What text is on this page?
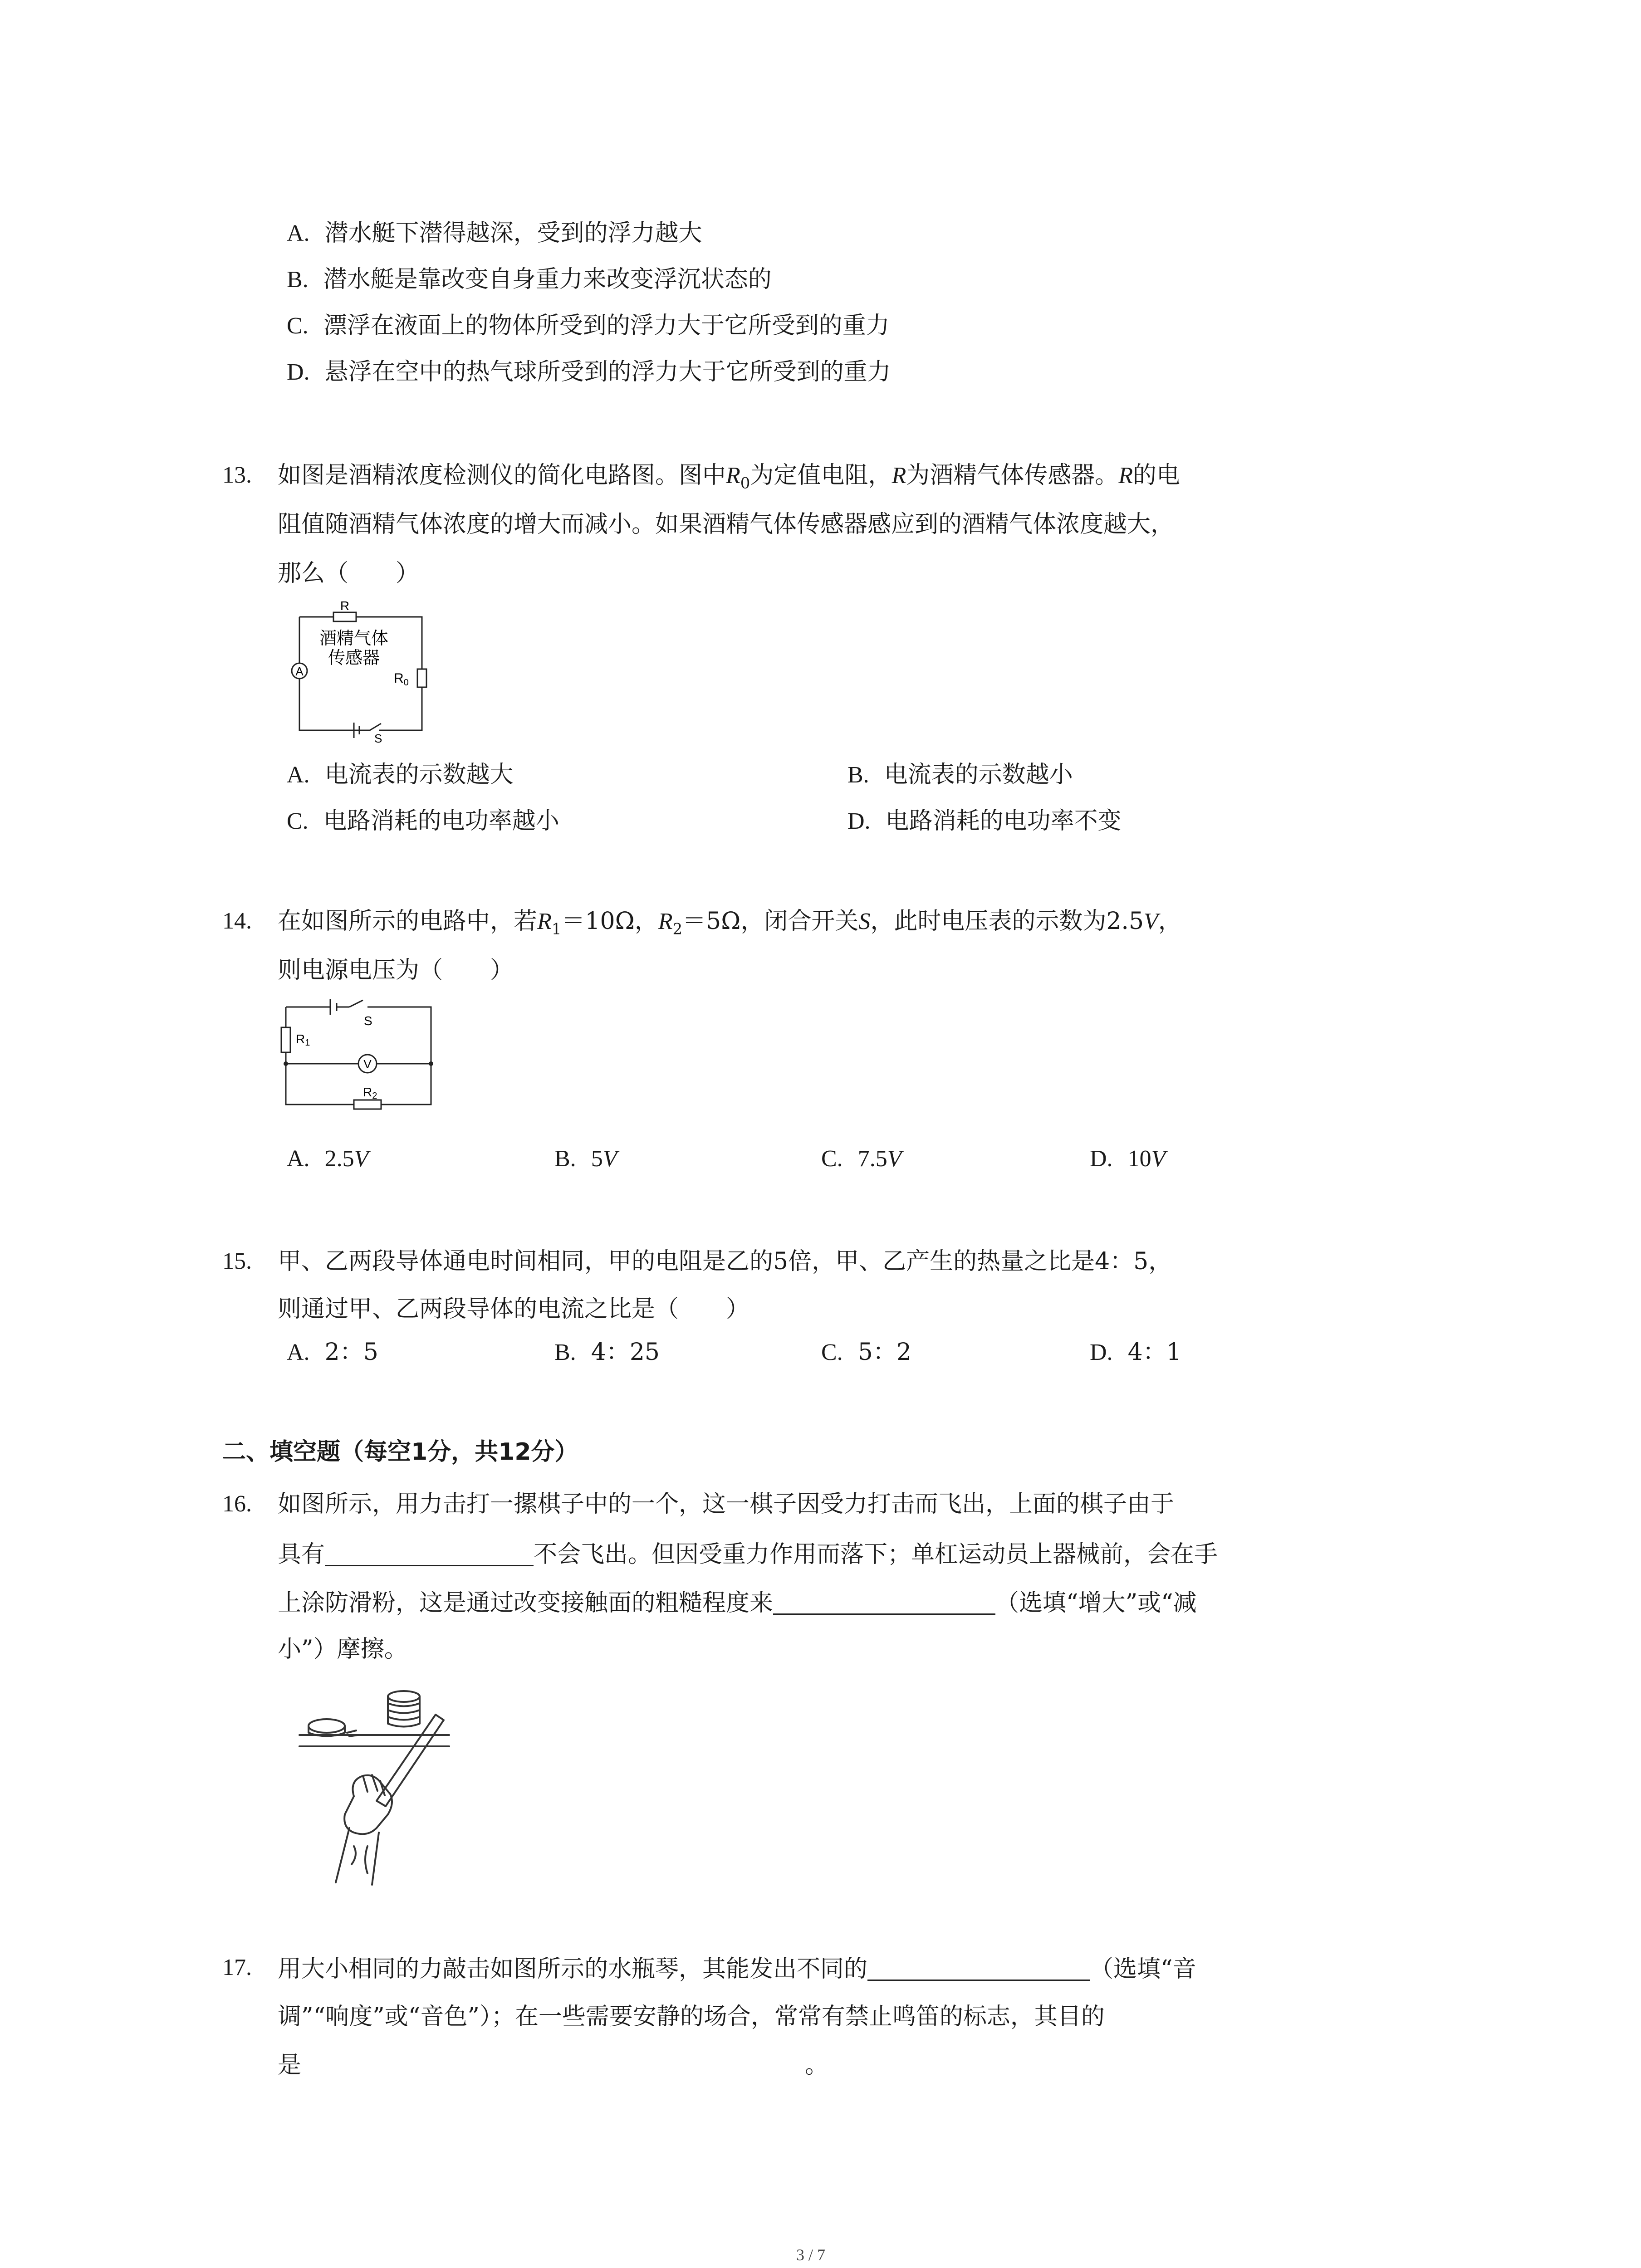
A. 潜水艇下潜得越深，受到的浮力越大
B. 潜水艇是靠改变自身重力来改变浮沉状态的
C. 漂浮在液面上的物体所受到的浮力大于它所受到的重力
D. 悬浮在空中的热气球所受到的浮力大于它所受到的重力
13. 如图是酒精浓度检测仪的简化电路图。图中$R_0$为定值电阻，R为酒精气体传感器。R的电
阻值随酒精气体浓度的增大而减小。如果酒精气体传感器感应到的酒精气体浓度越大，
那么（　　）
R
酒精气体
传感器
A	$R_0$
S
A. 电流表的示数越大	B. 电流表的示数越小
C. 电路消耗的电功率越小	D. 电路消耗的电功率不变
14. 在如图所示的电路中，若$R_1=10\Omega$，$R_2=5\Omega$，闭合开关S，此时电压表的示数为2.5V，
则电源电压为（　　）
S
R1
V
R2
A. 2.5V	B. 5V	C. 7.5V	D. 10V
15. 甲、乙两段导体通电时间相同，甲的电阻是乙的5倍，甲、乙产生的热量之比是4：5，
则通过甲、乙两段导体的电流之比是（　　）
A. 2：5	B. 4：25	C. 5：2	D. 4：1
二、填空题（每空1分，共12分）
16. 如图所示，用力击打一摞棋子中的一个，这一棋子因受力打击而飞出，上面的棋子由于
具有	不会飞出。但因受重力作用而落下；单杠运动员上器械前，会在手
上涂防滑粉，这是通过改变接触面的粗糙程度来	（选填“增大”或“减
小”）摩擦。
17. 用大小相同的力敲击如图所示的水瓶琴，其能发出不同的	（选填“音
调”“响度”或“音色”）；在一些需要安静的场合，常常有禁止鸣笛的标志，其目的
是	。
3 / 7
